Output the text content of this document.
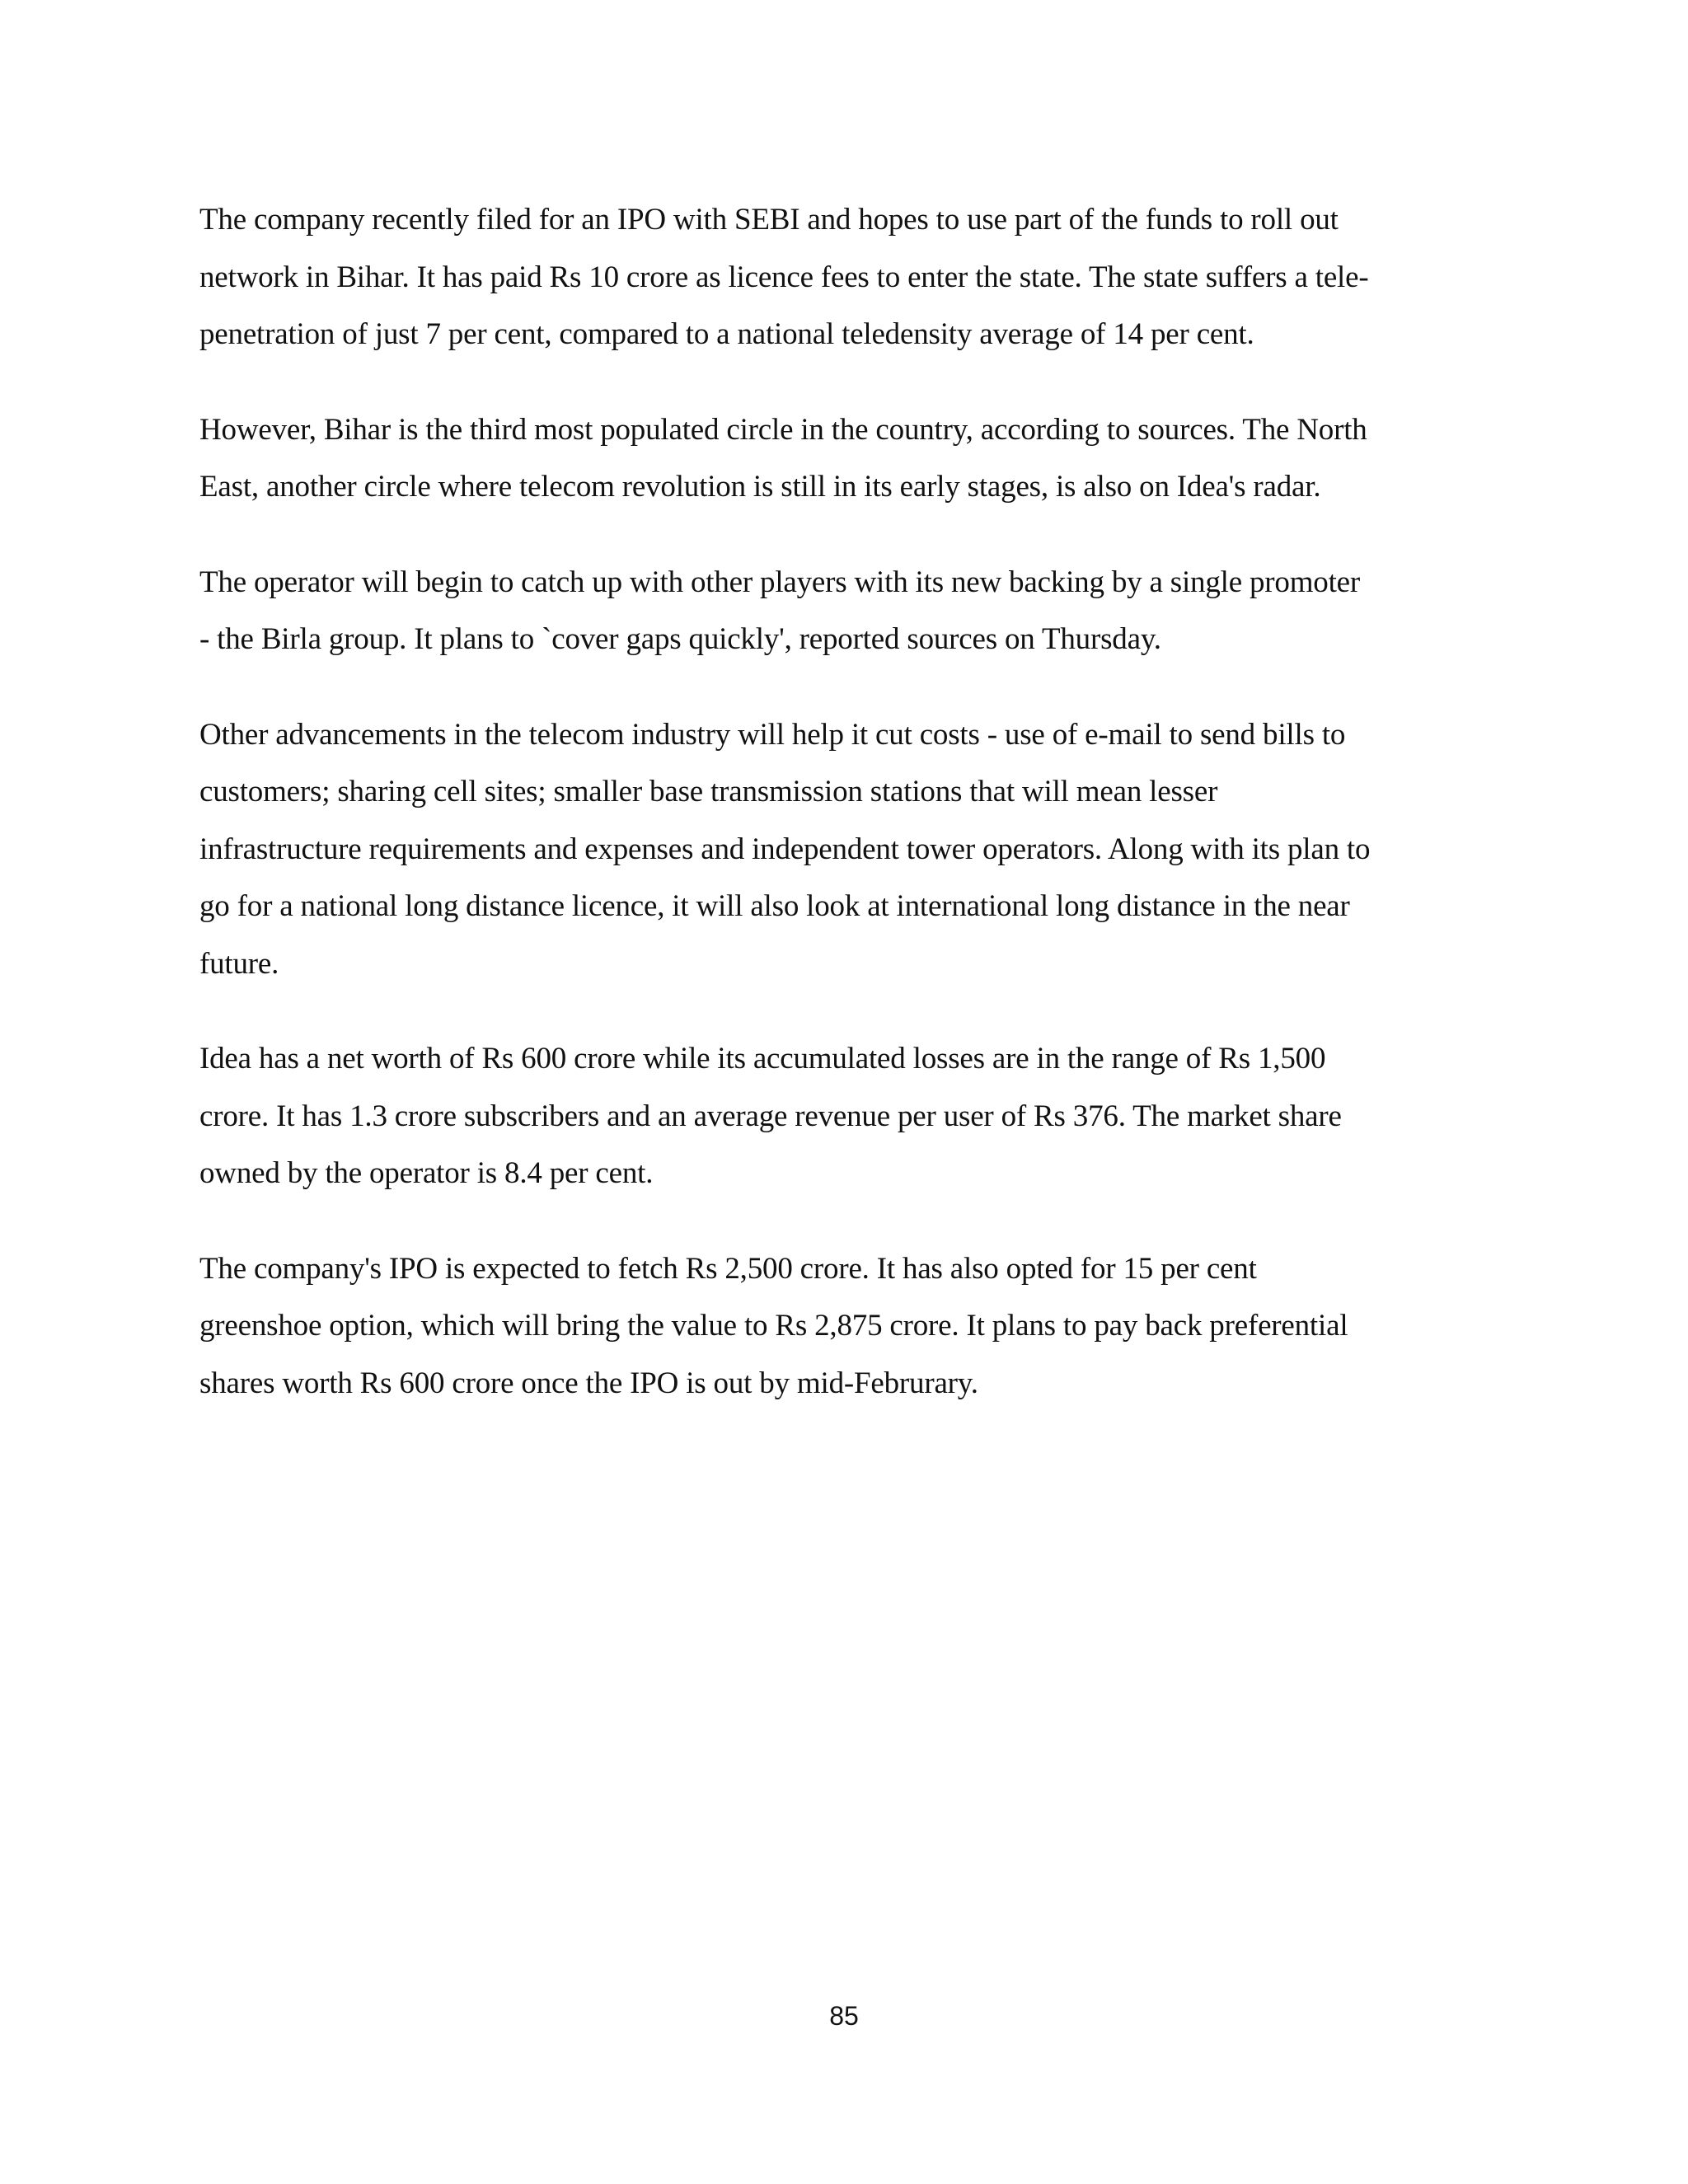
The company recently filed for an IPO with SEBI and hopes to use part of the funds to roll out
network in Bihar. It has paid Rs 10 crore as licence fees to enter the state. The state suffers a tele-
penetration of just 7 per cent, compared to a national teledensity average of 14 per cent.

However, Bihar is the third most populated circle in the country, according to sources. The North
East, another circle where telecom revolution is still in its early stages, is also on Idea's radar.

The operator will begin to catch up with other players with its new backing by a single promoter
- the Birla group. It plans to `cover gaps quickly', reported sources on Thursday.

Other advancements in the telecom industry will help it cut costs - use of e-mail to send bills to
customers; sharing cell sites; smaller base transmission stations that will mean lesser
infrastructure requirements and expenses and independent tower operators. Along with its plan to
go for a national long distance licence, it will also look at international long distance in the near
future.

Idea has a net worth of Rs 600 crore while its accumulated losses are in the range of Rs 1,500
crore. It has 1.3 crore subscribers and an average revenue per user of Rs 376. The market share
owned by the operator is 8.4 per cent.

The company's IPO is expected to fetch Rs 2,500 crore. It has also opted for 15 per cent
greenshoe option, which will bring the value to Rs 2,875 crore. It plans to pay back preferential
shares worth Rs 600 crore once the IPO is out by mid-Februrary.

85
